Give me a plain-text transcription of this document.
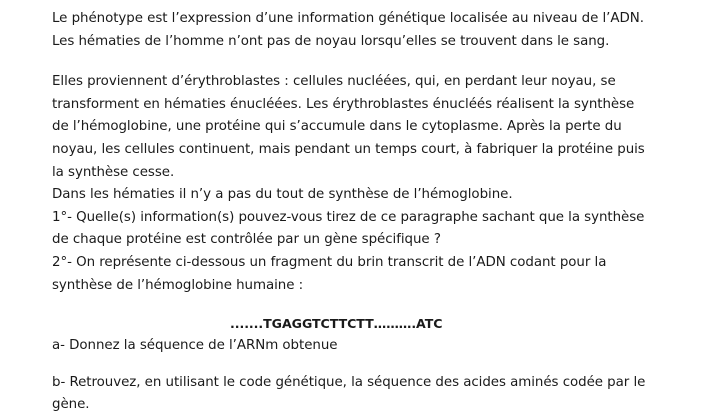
Le phénotype est l’expression d’une information génétique localisée au niveau de l’ADN.
Les hématies de l’homme n’ont pas de noyau lorsqu’elles se trouvent dans le sang.
Elles proviennent d’érythroblastes : cellules nucléées, qui, en perdant leur noyau, se
transforment en hématies énucléées. Les érythroblastes énucléés réalisent la synthèse
de l’hémoglobine, une protéine qui s’accumule dans le cytoplasme. Après la perte du
noyau, les cellules continuent, mais pendant un temps court, à fabriquer la protéine puis
la synthèse cesse.
Dans les hématies il n’y a pas du tout de synthèse de l’hémoglobine.
1°- Quelle(s) information(s) pouvez-vous tirez de ce paragraphe sachant que la synthèse
de chaque protéine est contrôlée par un gène spécifique ?
2°- On représente ci-dessous un fragment du brin transcrit de l’ADN codant pour la
synthèse de l’hémoglobine humaine :
.......TGAGGTCTTCTT……….ATC
a- Donnez la séquence de l’ARNm obtenue
b- Retrouvez, en utilisant le code génétique, la séquence des acides aminés codée par le
gène.
